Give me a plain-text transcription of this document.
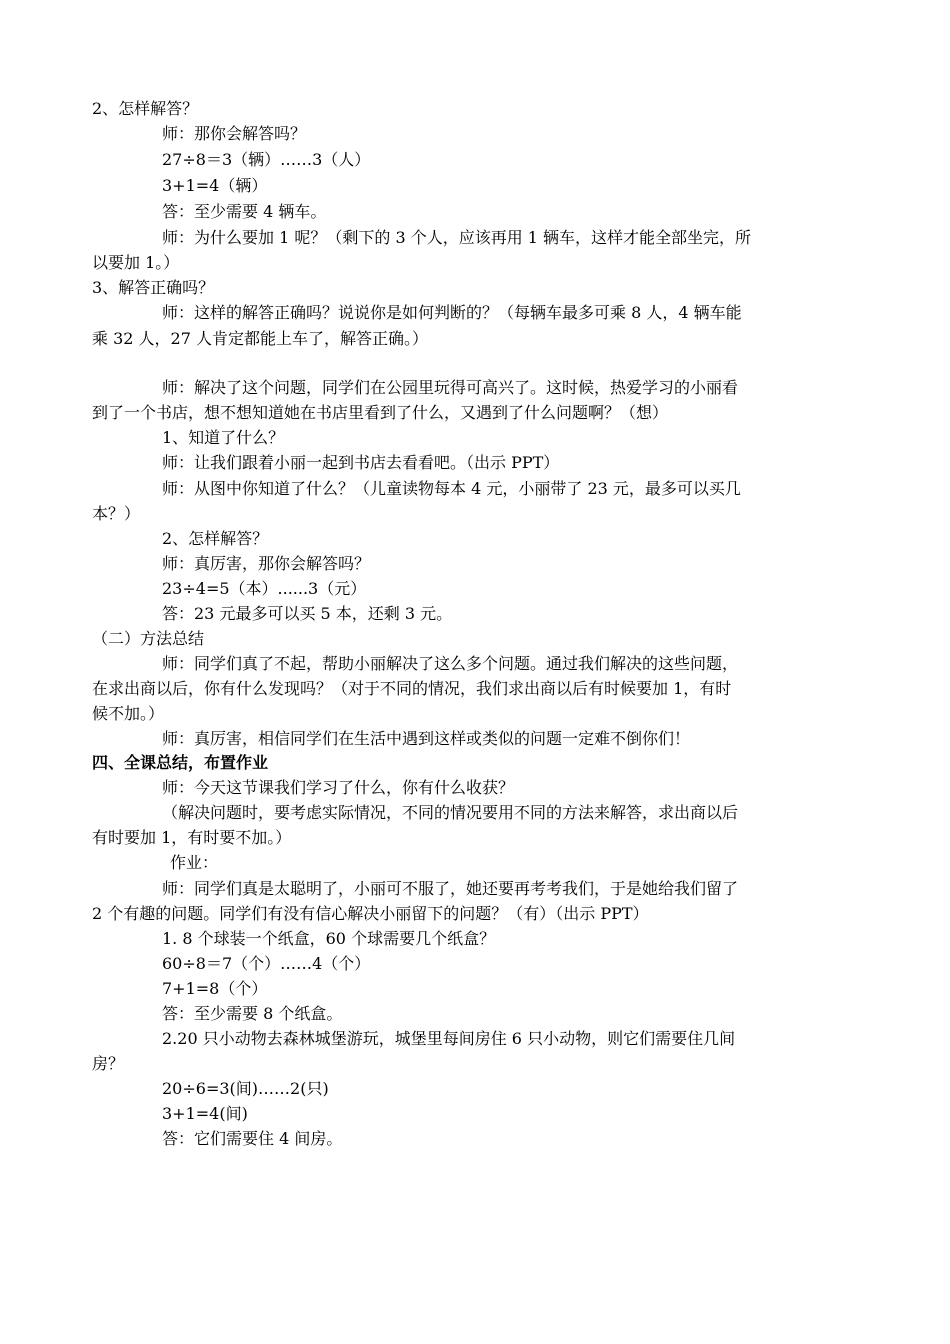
2、怎样解答？
师：那你会解答吗？
27÷8＝3（辆）……3（人）
3+1=4（辆）
答：至少需要 4 辆车。
师：为什么要加 1 呢？（剩下的 3 个人，应该再用 1 辆车，这样才能全部坐完，所
以要加 1。）
3、解答正确吗？
师：这样的解答正确吗？说说你是如何判断的？（每辆车最多可乘 8 人，4 辆车能
乘 32 人，27 人肯定都能上车了，解答正确。）
师：解决了这个问题，同学们在公园里玩得可高兴了。这时候，热爱学习的小丽看
到了一个书店，想不想知道她在书店里看到了什么，又遇到了什么问题啊？（想）
1、知道了什么？
师：让我们跟着小丽一起到书店去看看吧。（出示 PPT）
师：从图中你知道了什么？（儿童读物每本 4 元，小丽带了 23 元，最多可以买几
本？）
2、怎样解答？
师：真厉害，那你会解答吗？
23÷4=5（本）......3（元）
答：23 元最多可以买 5 本，还剩 3 元。
（二）方法总结
师：同学们真了不起，帮助小丽解决了这么多个问题。通过我们解决的这些问题，
在求出商以后，你有什么发现吗？（对于不同的情况，我们求出商以后有时候要加 1，有时
候不加。）
师：真厉害，相信同学们在生活中遇到这样或类似的问题一定难不倒你们！
四、全课总结，布置作业
师：今天这节课我们学习了什么，你有什么收获？
（解决问题时，要考虑实际情况，不同的情况要用不同的方法来解答，求出商以后
有时要加 1，有时要不加。）
作业：
师：同学们真是太聪明了，小丽可不服了，她还要再考考我们，于是她给我们留了
2 个有趣的问题。同学们有没有信心解决小丽留下的问题？（有）（出示 PPT）
1. 8 个球装一个纸盒，60 个球需要几个纸盒？
60÷8＝7（个）……4（个）
7+1=8（个）
答：至少需要 8 个纸盒。
2.20 只小动物去森林城堡游玩，城堡里每间房住 6 只小动物，则它们需要住几间
房？
20÷6=3(间)……2(只)
3+1=4(间)
答：它们需要住 4 间房。
